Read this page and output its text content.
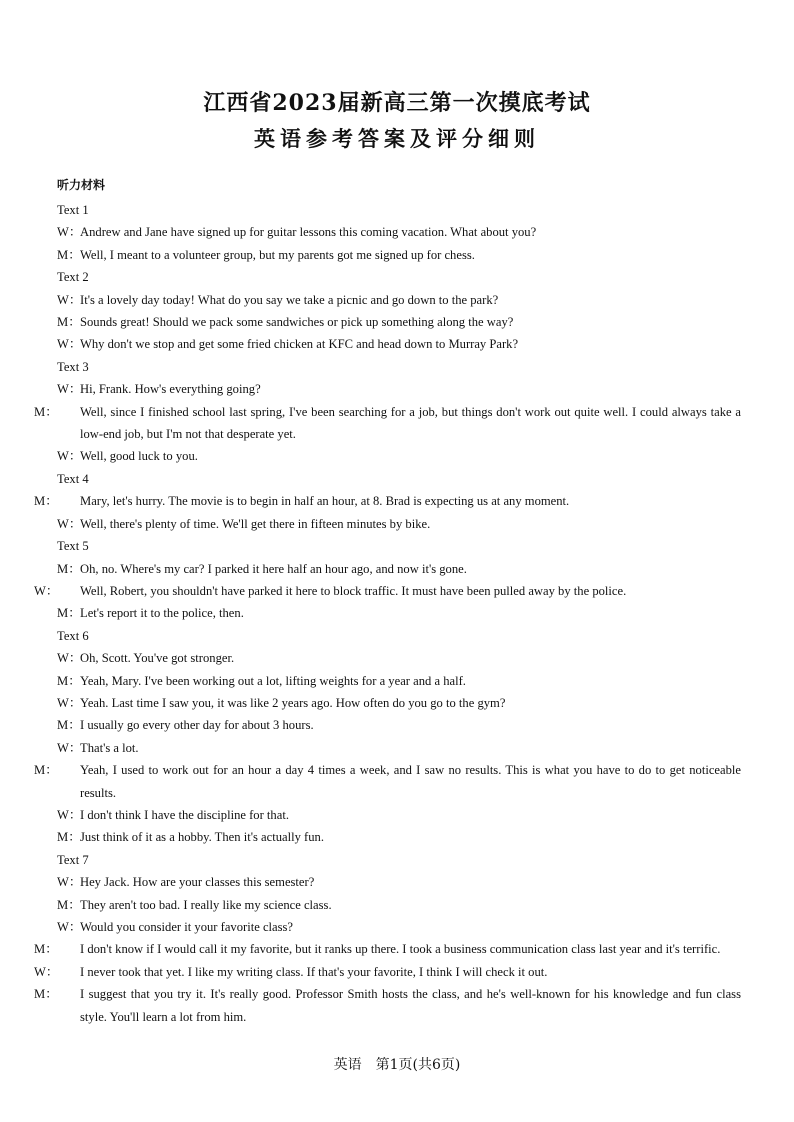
江西省2023届新高三第一次摸底考试
英语参考答案及评分细则
听力材料
Text 1
W：Andrew and Jane have signed up for guitar lessons this coming vacation. What about you?
M：Well, I meant to a volunteer group, but my parents got me signed up for chess.
Text 2
W：It's a lovely day today! What do you say we take a picnic and go down to the park?
M：Sounds great! Should we pack some sandwiches or pick up something along the way?
W：Why don't we stop and get some fried chicken at KFC and head down to Murray Park?
Text 3
W：Hi, Frank. How's everything going?
M： Well, since I finished school last spring, I've been searching for a job, but things don't work out quite well. I could always take a low-end job, but I'm not that desperate yet.
W：Well, good luck to you.
Text 4
M： Mary, let's hurry. The movie is to begin in half an hour, at 8. Brad is expecting us at any moment.
W：Well, there's plenty of time. We'll get there in fifteen minutes by bike.
Text 5
M：Oh, no. Where's my car? I parked it here half an hour ago, and now it's gone.
W： Well, Robert, you shouldn't have parked it here to block traffic. It must have been pulled away by the police.
M：Let's report it to the police, then.
Text 6
W：Oh, Scott. You've got stronger.
M：Yeah, Mary. I've been working out a lot, lifting weights for a year and a half.
W：Yeah. Last time I saw you, it was like 2 years ago. How often do you go to the gym?
M：I usually go every other day for about 3 hours.
W：That's a lot.
M： Yeah, I used to work out for an hour a day 4 times a week, and I saw no results. This is what you have to do to get noticeable results.
W：I don't think I have the discipline for that.
M：Just think of it as a hobby. Then it's actually fun.
Text 7
W：Hey Jack. How are your classes this semester?
M：They aren't too bad. I really like my science class.
W：Would you consider it your favorite class?
M： I don't know if I would call it my favorite, but it ranks up there. I took a business communication class last year and it's terrific.
W： I never took that yet. I like my writing class. If that's your favorite, I think I will check it out.
M： I suggest that you try it. It's really good. Professor Smith hosts the class, and he's well-known for his knowledge and fun class style. You'll learn a lot from him.
英语　第1页(共6页)
